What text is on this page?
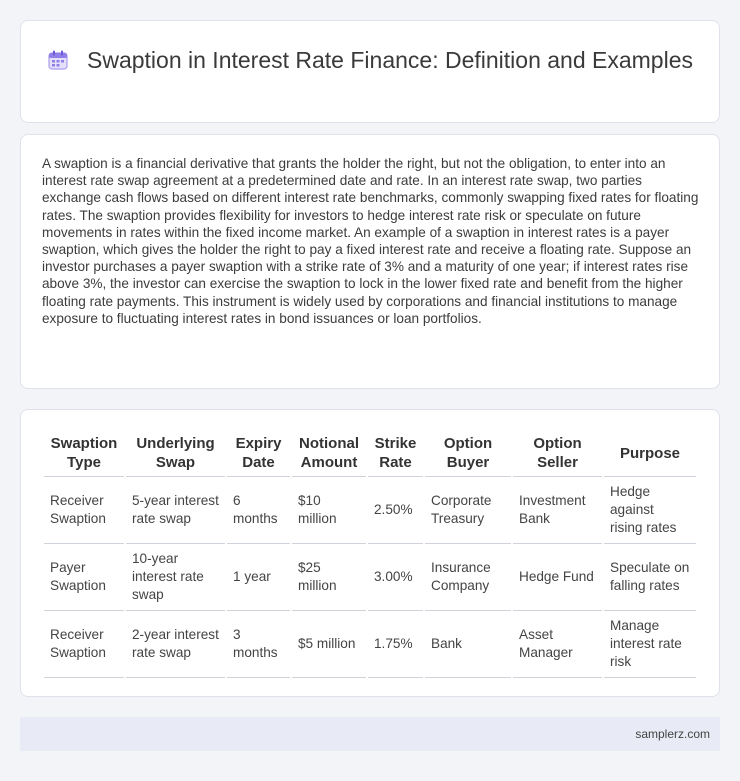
Swaption in Interest Rate Finance: Definition and Examples

A swaption is a financial derivative that grants the holder the right, but not the obligation, to enter into an interest rate swap agreement at a predetermined date and rate. In an interest rate swap, two parties exchange cash flows based on different interest rate benchmarks, commonly swapping fixed rates for floating rates. The swaption provides flexibility for investors to hedge interest rate risk or speculate on future movements in rates within the fixed income market. An example of a swaption in interest rates is a payer swaption, which gives the holder the right to pay a fixed interest rate and receive a floating rate. Suppose an investor purchases a payer swaption with a strike rate of 3% and a maturity of one year; if interest rates rise above 3%, the investor can exercise the swaption to lock in the lower fixed rate and benefit from the higher floating rate payments. This instrument is widely used by corporations and financial institutions to manage exposure to fluctuating interest rates in bond issuances or loan portfolios.

Swaption Type	Underlying Swap	Expiry Date	Notional Amount	Strike Rate	Option Buyer	Option Seller	Purpose
Receiver Swaption	5-year interest rate swap	6 months	$10 million	2.50%	Corporate Treasury	Investment Bank	Hedge against rising rates
Payer Swaption	10-year interest rate swap	1 year	$25 million	3.00%	Insurance Company	Hedge Fund	Speculate on falling rates
Receiver Swaption	2-year interest rate swap	3 months	$5 million	1.75%	Bank	Asset Manager	Manage interest rate risk
samplerz.com
